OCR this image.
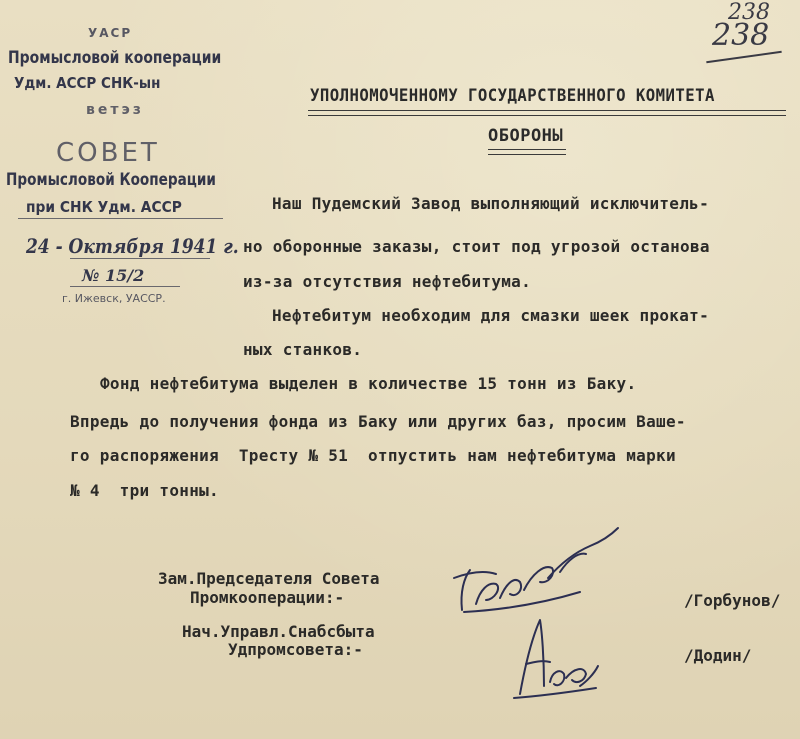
238
238
УАСР
Промысловой кооперации
Удм. АССР СНК-ын
ветэз
СОВЕТ
Промысловой Кооперации
при СНК Удм. АССР
24 - Октября 1941 г.
№ 15/2
г. Ижевск, УАССР.
УПОЛНОМОЧЕННОМУ ГОСУДАРСТВЕННОГО КОМИТЕТА
ОБОРОНЫ
Наш Пудемский Завод выполняющий исключитель-
но оборонные заказы, стоит под угрозой останова
из-за отсутствия нефтебитума.
Нефтебитум необходим для смазки шеек прокат-
ных станков.
Фонд нефтебитума выделен в количестве 15 тонн из Баку.
Впредь до получения фонда из Баку или других баз, просим Ваше-
го распоряжения  Тресту № 51  отпустить нам нефтебитума марки
№ 4  три тонны.
Зам.Председателя Совета
Промкооперации:-	/Горбунов/
Нач.Управл.Снабсбыта
Удпромсовета:-	/Додин/
